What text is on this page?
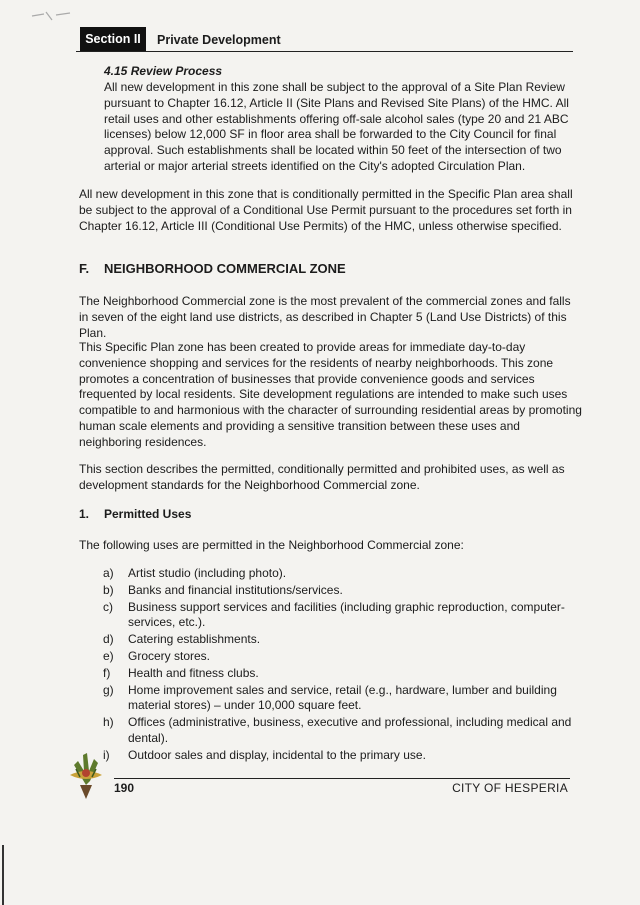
Section II	Private Development
4.15 Review Process

All new development in this zone shall be subject to the approval of a Site Plan Review pursuant to Chapter 16.12, Article II (Site Plans and Revised Site Plans) of the HMC. All retail uses and other establishments offering off-sale alcohol sales (type 20 and 21 ABC licenses) below 12,000 SF in floor area shall be forwarded to the City Council for final approval. Such establishments shall be located within 50 feet of the intersection of two arterial or major arterial streets identified on the City's adopted Circulation Plan.

All new development in this zone that is conditionally permitted in the Specific Plan area shall be subject to the approval of a Conditional Use Permit pursuant to the procedures set forth in Chapter 16.12, Article III (Conditional Use Permits) of the HMC, unless otherwise specified.

F. NEIGHBORHOOD COMMERCIAL ZONE

The Neighborhood Commercial zone is the most prevalent of the commercial zones and falls in seven of the eight land use districts, as described in Chapter 5 (Land Use Districts) of this Plan.

This Specific Plan zone has been created to provide areas for immediate day-to-day convenience shopping and services for the residents of nearby neighborhoods. This zone promotes a concentration of businesses that provide convenience goods and services frequented by local residents. Site development regulations are intended to make such uses compatible to and harmonious with the character of surrounding residential areas by promoting human scale elements and providing a sensitive transition between these uses and neighboring residences.

This section describes the permitted, conditionally permitted and prohibited uses, as well as development standards for the Neighborhood Commercial zone.

1. Permitted Uses

The following uses are permitted in the Neighborhood Commercial zone:

a) Artist studio (including photo).
b) Banks and financial institutions/services.
c) Business support services and facilities (including graphic reproduction, computer-services, etc.).
d) Catering establishments.
e) Grocery stores.
f) Health and fitness clubs.
g) Home improvement sales and service, retail (e.g., hardware, lumber and building material stores) – under 10,000 square feet.
h) Offices (administrative, business, executive and professional, including medical and dental).
i) Outdoor sales and display, incidental to the primary use.
190	CITY OF HESPERIA
